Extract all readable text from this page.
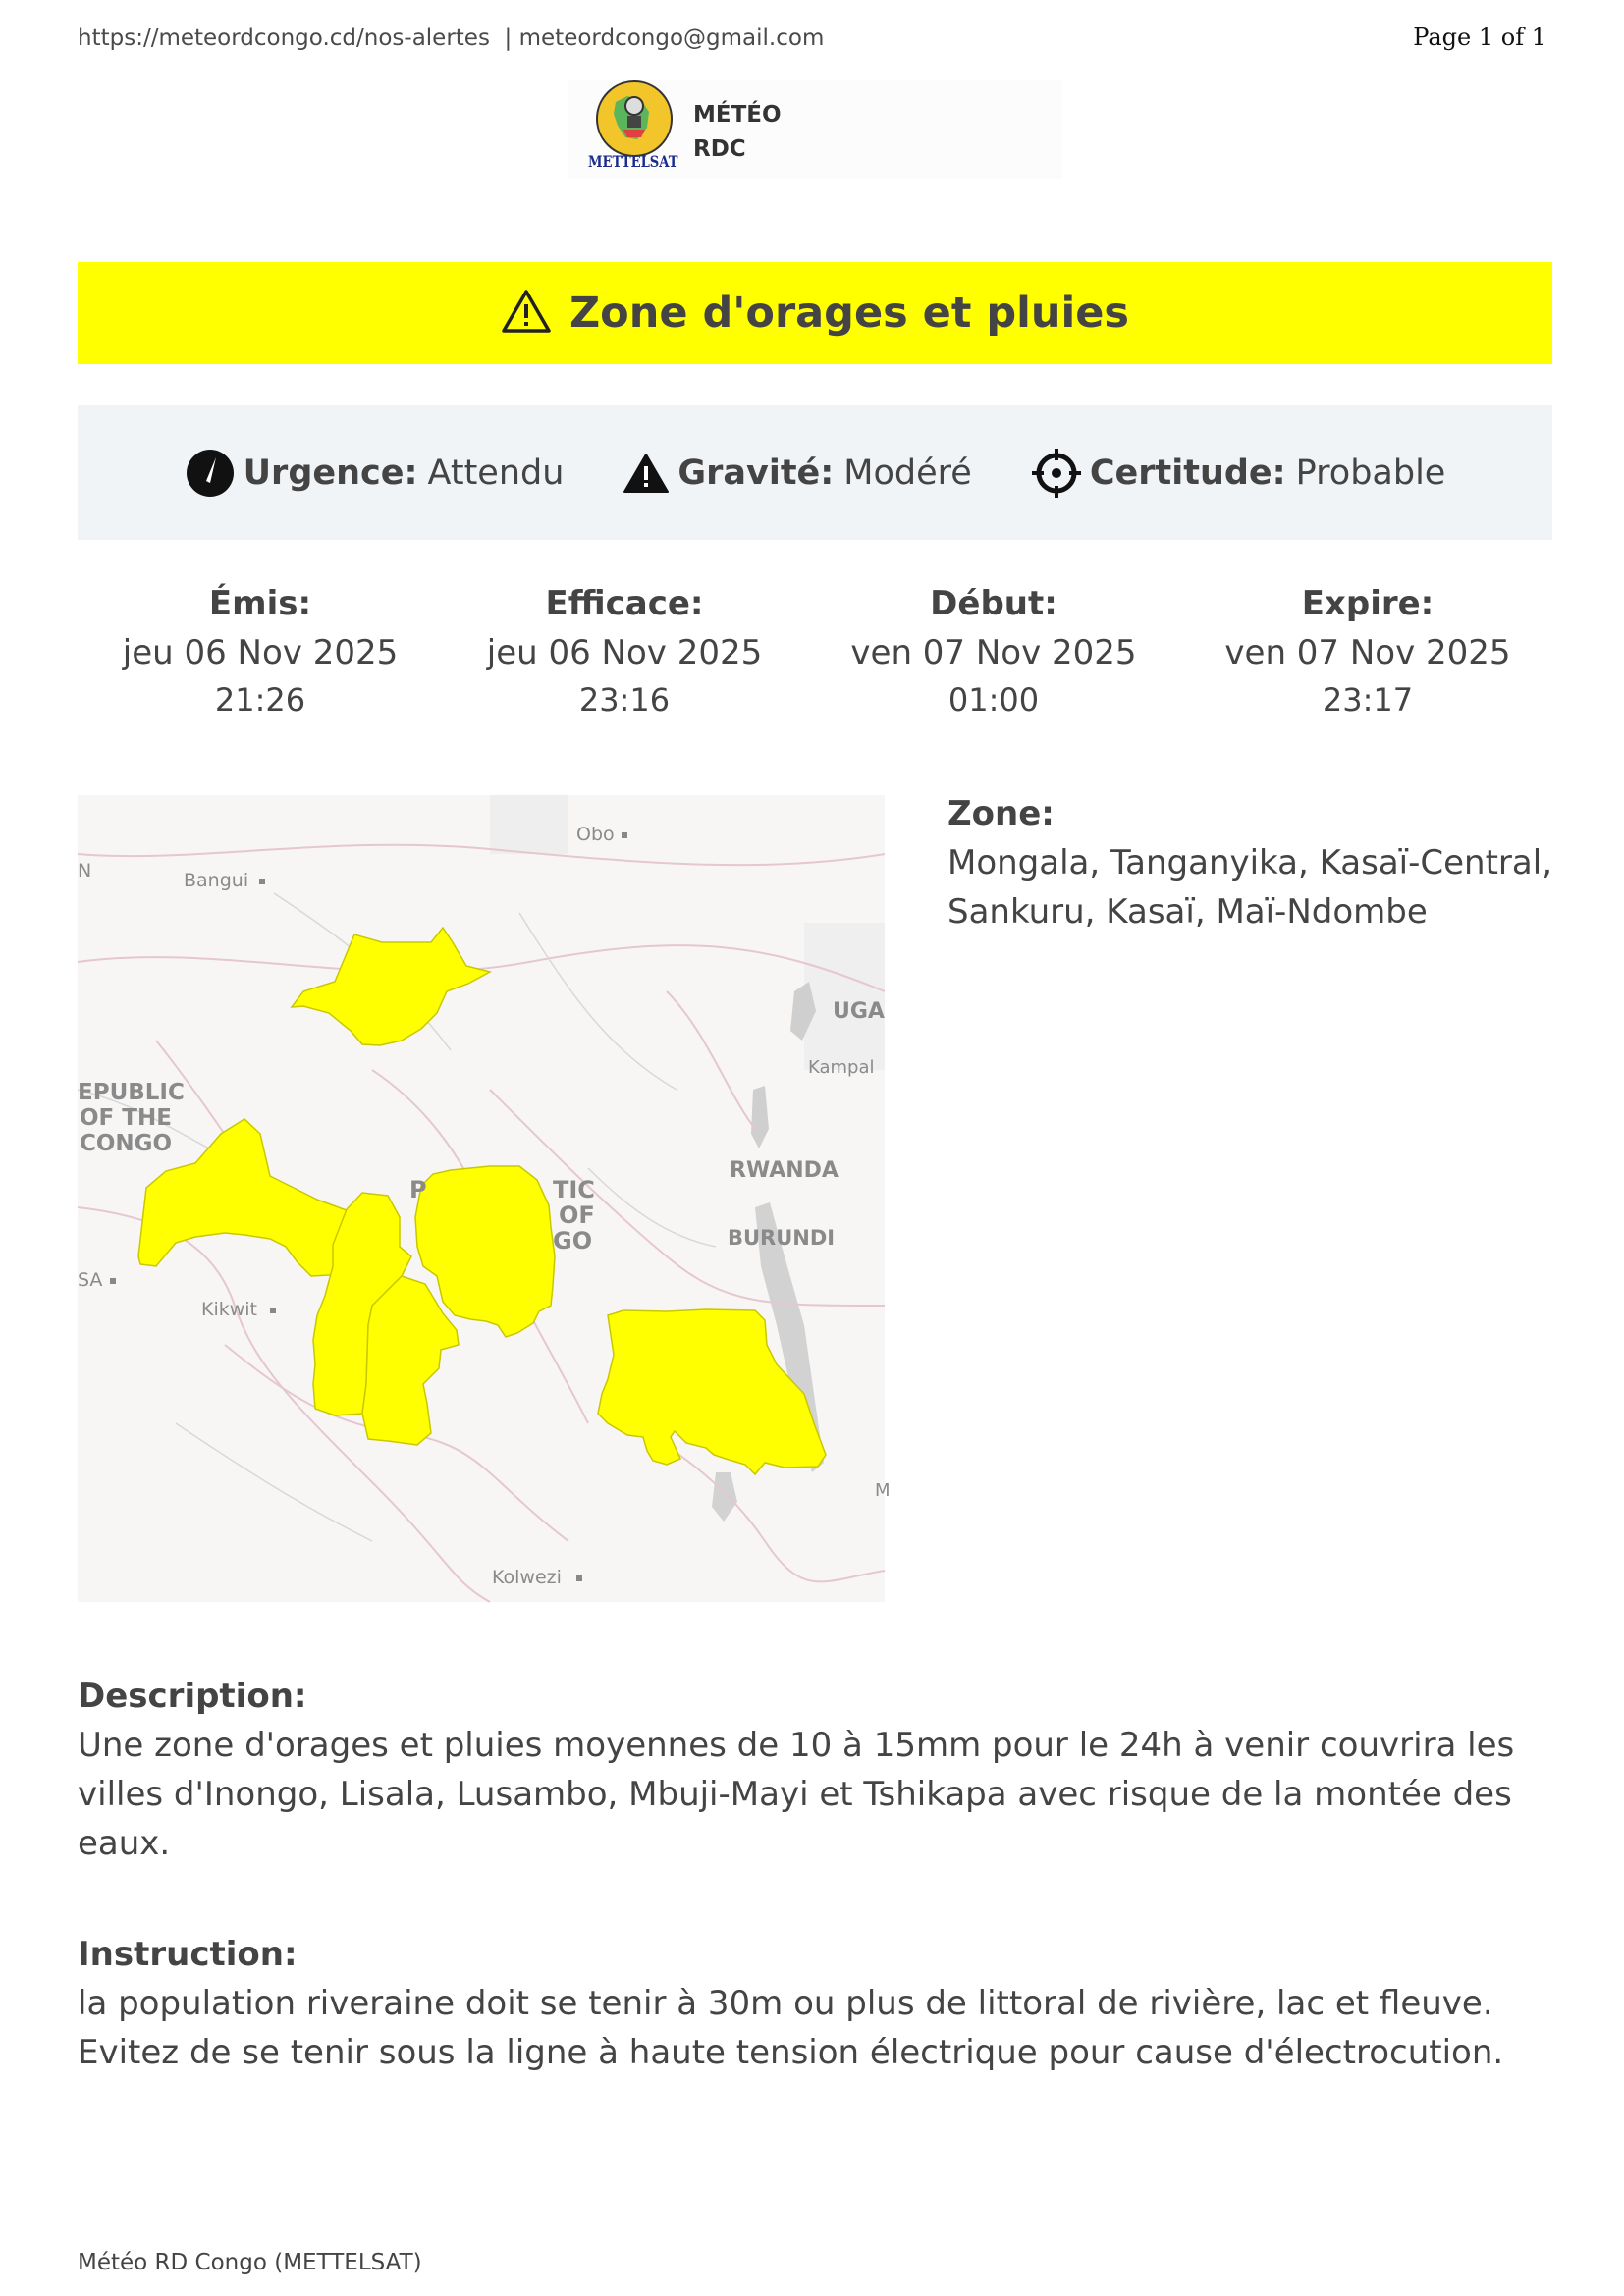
https://meteordcongo.cd/nos-alertes  | meteordcongo@gmail.com	Page 1 of 1
METTELSAT
MÉTÉO
RDC
Zone d'orages et pluies
Urgence: Attendu	Gravité: Modéré	Certitude: Probable
Émis:
jeu 06 Nov 2025
21:26
Efficace:
jeu 06 Nov 2025
23:16
Début:
ven 07 Nov 2025
01:00
Expire:
ven 07 Nov 2025
23:17
Obo
Bangui
N
UGA
Kampal
EPUBLIC
OF THE
CONGO
P	TIC
OF
GO
RWANDA
BURUNDI
SA
Kikwit
Kolwezi
M
Zone:
Mongala, Tanganyika, Kasaï-Central,
Sankuru, Kasaï, Maï-Ndombe
Description:
Une zone d'orages et pluies moyennes de 10 à 15mm pour le 24h à venir couvrira les
villes d'Inongo, Lisala, Lusambo, Mbuji-Mayi et Tshikapa avec risque de la montée des
eaux.
Instruction:
la population riveraine doit se tenir à 30m ou plus de littoral de rivière, lac et fleuve.
Evitez de se tenir sous la ligne à haute tension électrique pour cause d'électrocution.
Météo RD Congo (METTELSAT)
